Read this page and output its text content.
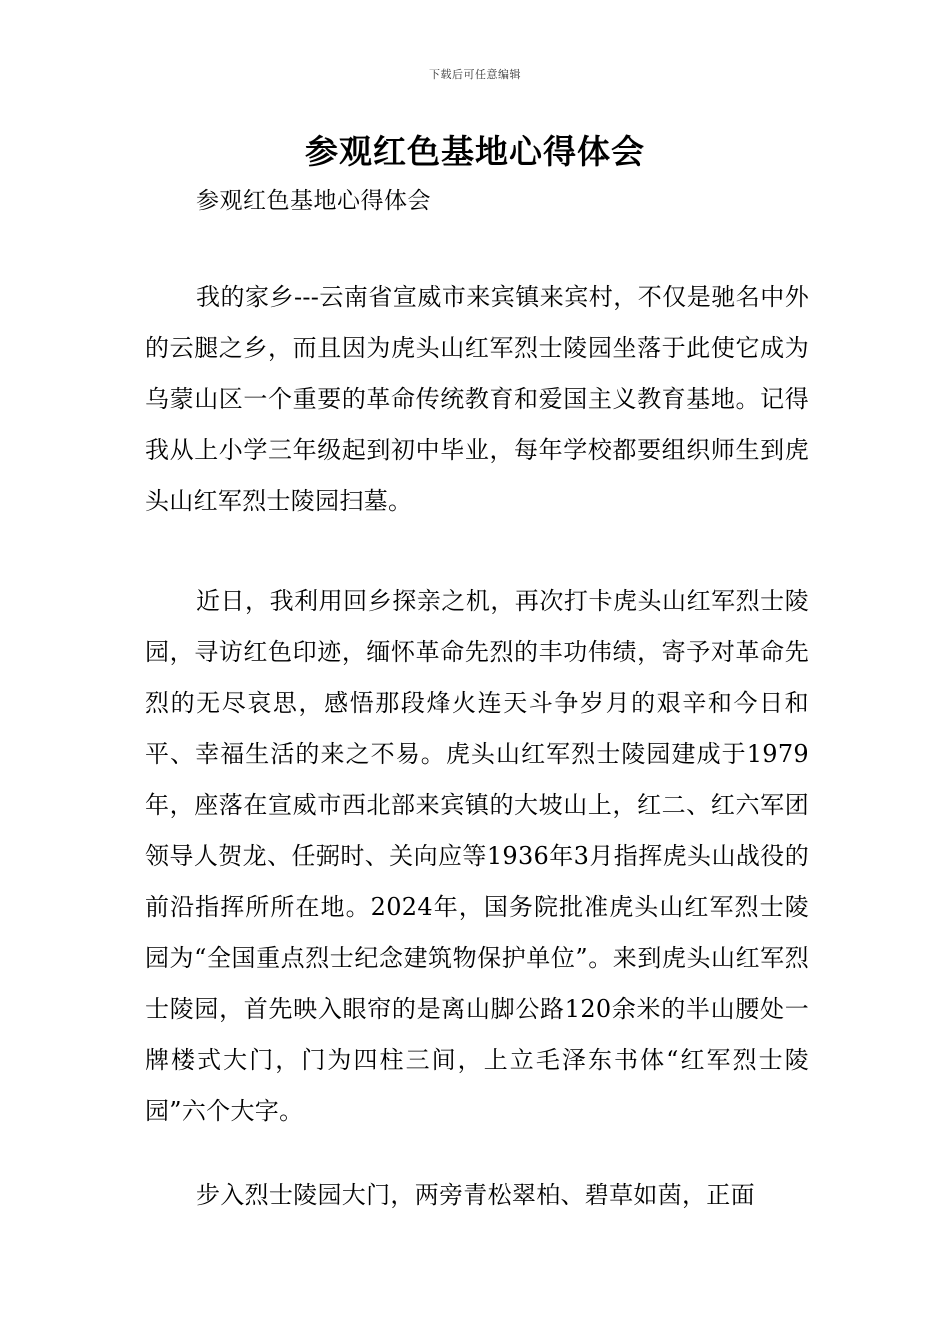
下载后可任意编辑
参观红色基地心得体会
参观红色基地心得体会

我的家乡---云南省宣威市来宾镇来宾村，不仅是驰名中外的云腿之乡，而且因为虎头山红军烈士陵园坐落于此使它成为乌蒙山区一个重要的革命传统教育和爱国主义教育基地。记得我从上小学三年级起到初中毕业，每年学校都要组织师生到虎头山红军烈士陵园扫墓。

近日，我利用回乡探亲之机，再次打卡虎头山红军烈士陵园，寻访红色印迹，缅怀革命先烈的丰功伟绩，寄予对革命先烈的无尽哀思，感悟那段烽火连天斗争岁月的艰辛和今日和平、幸福生活的来之不易。虎头山红军烈士陵园建成于1979年，座落在宣威市西北部来宾镇的大坡山上，红二、红六军团领导人贺龙、任弼时、关向应等1936年3月指挥虎头山战役的前沿指挥所所在地。2024年，国务院批准虎头山红军烈士陵园为“全国重点烈士纪念建筑物保护单位”。来到虎头山红军烈士陵园，首先映入眼帘的是离山脚公路120余米的半山腰处一牌楼式大门，门为四柱三间，上立毛泽东书体“红军烈士陵园”六个大字。

步入烈士陵园大门，两旁青松翠柏、碧草如茵，正面
